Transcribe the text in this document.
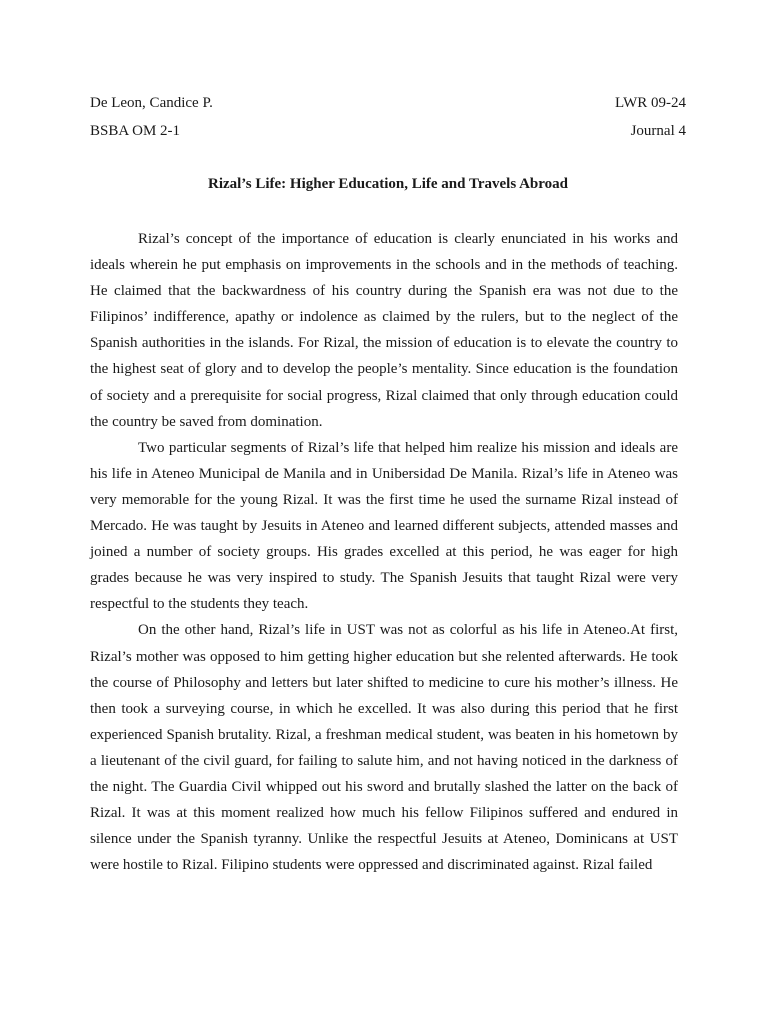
De Leon, Candice P.	LWR 09-24
BSBA OM 2-1	Journal 4
Rizal’s Life: Higher Education, Life and Travels Abroad

Rizal’s concept of the importance of education is clearly enunciated in his works and ideals wherein he put emphasis on improvements in the schools and in the methods of teaching. He claimed that the backwardness of his country during the Spanish era was not due to the Filipinos’ indifference, apathy or indolence as claimed by the rulers, but to the neglect of the Spanish authorities in the islands. For Rizal, the mission of education is to elevate the country to the highest seat of glory and to develop the people’s mentality. Since education is the foundation of society and a prerequisite for social progress, Rizal claimed that only through education could the country be saved from domination.

Two particular segments of Rizal’s life that helped him realize his mission and ideals are his life in Ateneo Municipal de Manila and in Unibersidad De Manila. Rizal’s life in Ateneo was very memorable for the young Rizal. It was the first time he used the surname Rizal instead of Mercado. He was taught by Jesuits in Ateneo and learned different subjects, attended masses and joined a number of society groups. His grades excelled at this period, he was eager for high grades because he was very inspired to study. The Spanish Jesuits that taught Rizal were very respectful to the students they teach.

On the other hand, Rizal’s life in UST was not as colorful as his life in Ateneo.At first, Rizal’s mother was opposed to him getting higher education but she relented afterwards. He took the course of Philosophy and letters but later shifted to medicine to cure his mother’s illness. He then took a surveying course, in which he excelled. It was also during this period that he first experienced Spanish brutality. Rizal, a freshman medical student, was beaten in his hometown by a lieutenant of the civil guard, for failing to salute him, and not having noticed in the darkness of the night. The Guardia Civil whipped out his sword and brutally slashed the latter on the back of Rizal. It was at this moment realized how much his fellow Filipinos suffered and endured in silence under the Spanish tyranny. Unlike the respectful Jesuits at Ateneo, Dominicans at UST were hostile to Rizal. Filipino students were oppressed and discriminated against. Rizal failed
